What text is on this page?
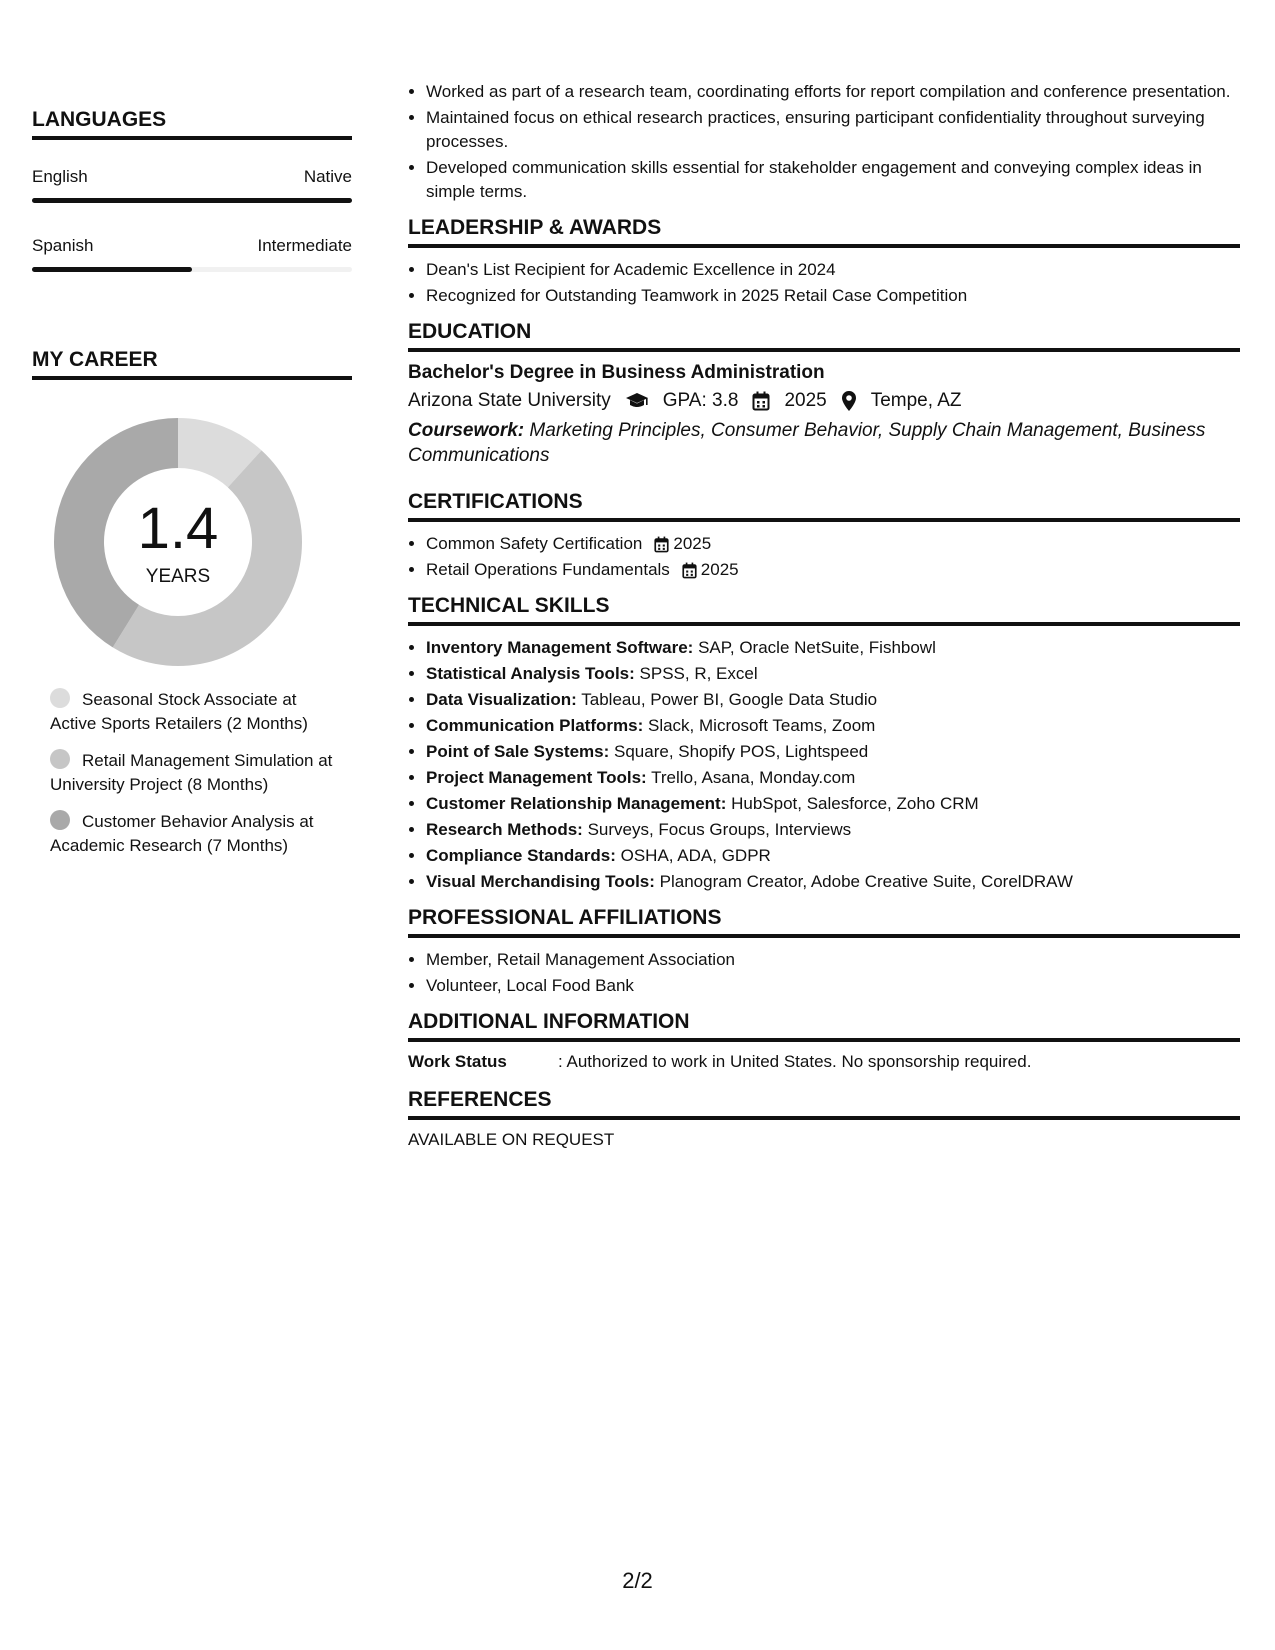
LANGUAGES
English	Native
Spanish	Intermediate
MY CAREER
1.4
YEARS
Seasonal Stock Associate at Active Sports Retailers (2 Months)
Retail Management Simulation at University Project (8 Months)
Customer Behavior Analysis at Academic Research (7 Months)
• Worked as part of a research team, coordinating efforts for report compilation and conference presentation.
• Maintained focus on ethical research practices, ensuring participant confidentiality throughout surveying processes.
• Developed communication skills essential for stakeholder engagement and conveying complex ideas in simple terms.
LEADERSHIP & AWARDS
• Dean's List Recipient for Academic Excellence in 2024
• Recognized for Outstanding Teamwork in 2025 Retail Case Competition
EDUCATION
Bachelor's Degree in Business Administration
Arizona State University	GPA: 3.8 2025 Tempe, AZ
Coursework: Marketing Principles, Consumer Behavior, Supply Chain Management, Business Communications
CERTIFICATIONS
• Common Safety Certification 2025
• Retail Operations Fundamentals 2025
TECHNICAL SKILLS
• Inventory Management Software: SAP, Oracle NetSuite, Fishbowl
• Statistical Analysis Tools: SPSS, R, Excel
• Data Visualization: Tableau, Power BI, Google Data Studio
• Communication Platforms: Slack, Microsoft Teams, Zoom
• Point of Sale Systems: Square, Shopify POS, Lightspeed
• Project Management Tools: Trello, Asana, Monday.com
• Customer Relationship Management: HubSpot, Salesforce, Zoho CRM
• Research Methods: Surveys, Focus Groups, Interviews
• Compliance Standards: OSHA, ADA, GDPR
• Visual Merchandising Tools: Planogram Creator, Adobe Creative Suite, CorelDRAW
PROFESSIONAL AFFILIATIONS
• Member, Retail Management Association
• Volunteer, Local Food Bank
ADDITIONAL INFORMATION
Work Status	: Authorized to work in United States. No sponsorship required.
REFERENCES
AVAILABLE ON REQUEST
2/2
